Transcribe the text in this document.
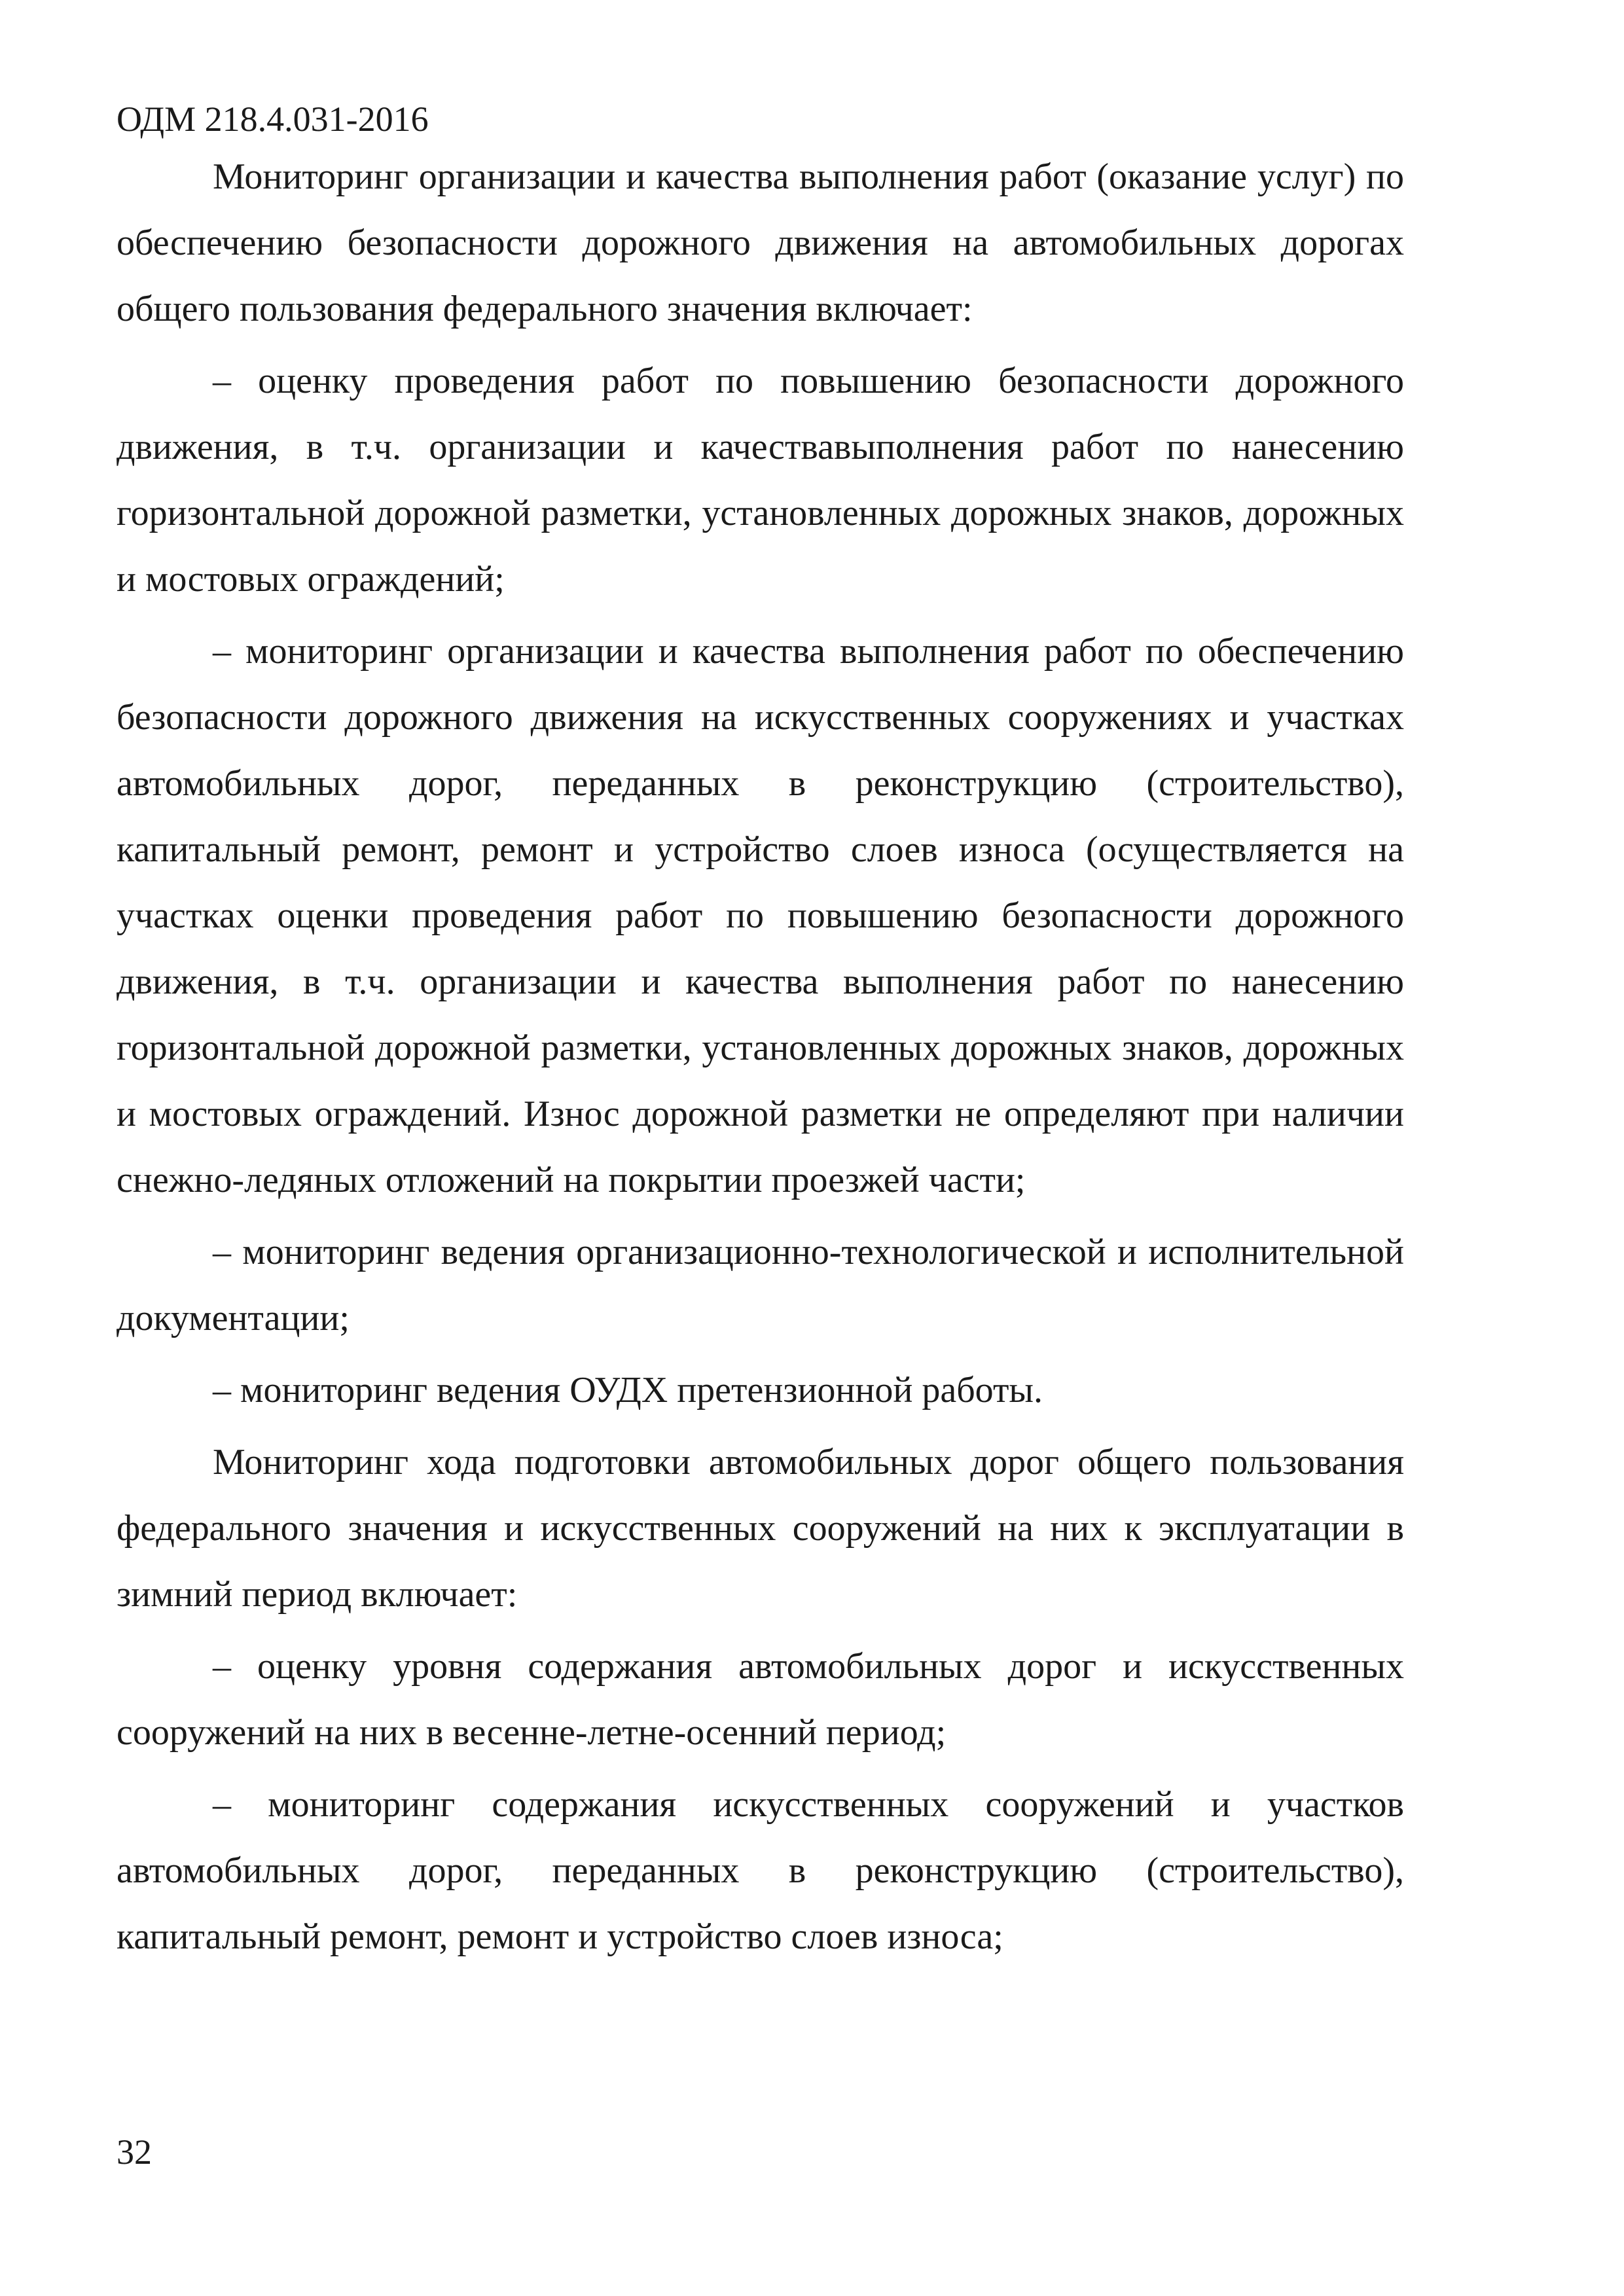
ОДМ 218.4.031-2016

Мониторинг организации и качества выполнения работ (оказание услуг) по обеспечению безопасности дорожного движения на автомобильных дорогах общего пользования федерального значения включает:

– оценку проведения работ по повышению безопасности дорожного движения, в т.ч. организации и качествавыполнения работ по нанесению горизонтальной дорожной разметки, установленных дорожных знаков, дорожных и мостовых ограждений;

– мониторинг организации и качества выполнения работ по обеспечению безопасности дорожного движения на искусственных сооружениях и участках автомобильных дорог, переданных в реконструкцию (строительство), капитальный ремонт, ремонт и устройство слоев износа (осуществляется на участках оценки проведения работ по повышению безопасности дорожного движения, в т.ч. организации и качества выполнения работ по нанесению горизонтальной дорожной разметки, установленных дорожных знаков, дорожных и мостовых ограждений. Износ дорожной разметки не определяют при наличии снежно-ледяных отложений на покрытии проезжей части;

– мониторинг ведения организационно-технологической и исполнительной документации;

– мониторинг ведения ОУДХ претензионной работы.

Мониторинг хода подготовки автомобильных дорог общего пользования федерального значения и искусственных сооружений на них к эксплуатации в зимний период включает:

– оценку уровня содержания автомобильных дорог и искусственных сооружений на них в весенне-летне-осенний период;

– мониторинг содержания искусственных сооружений и участков автомобильных дорог, переданных в реконструкцию (строительство), капитальный ремонт, ремонт и устройство слоев износа;

32
